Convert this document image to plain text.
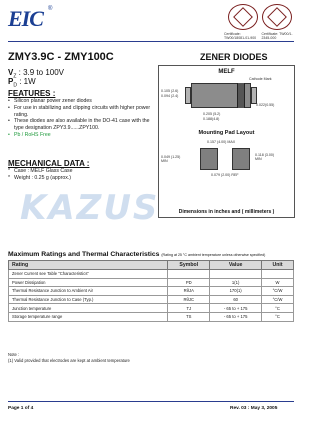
EIC ®
Certificate: TW00/18081-01-900
Certificate: TW00/1-2345-000
ZMY3.9C - ZMY100C	ZENER DIODES
$V_Z$ : 3.9 to 100V
$P_D$ : 1W
FEATURES :
• Silicon planar power zener diodes
• For use in stabilizing and clipping circuits with higher power rating.
• These diodes are also available in the DO-41 case with the type designation ZPY3.9......ZPY100.
• Pb / RoHS Free
MECHANICAL DATA :
* Case : MELF Glass Case
* Weight : 0.25 g (approx.)
MELF
Cathode Mark
0.105 (2.6)
0.094 (2.4)
0.022(0.55)
0.205 (5.2)
0.188(4.8)
Mounting Pad Layout
0.157 (4.00) MAX
0.049 (1.25)
MIN
0.118 (3.00)
MIN
0.079 (2.00) REF
Dimensions in inches and ( millimeters )
KAZUS
Maximum Ratings and Thermal Characteristics (Rating at 25 °C ambient temperature unless otherwise specified)
Rating	Symbol	Value	Unit
Zener Current see Table "Characteristics"			
Power Dissipation	PD	1(1)	W
Thermal Resistance Junction to Ambient Air	RθJA	170(1)	°C/W
Thermal Resistance Junction to Case (Typ.)	RθJC	60	°C/W
Junction temperature	TJ	- 65 to + 175	°C
Storage temperature range	TS	- 65 to + 175	°C
Note :
(1) Valid provided that electrodes are kept at ambient temperature
Page 1 of 4	Rev. 03 : May 3, 2005
